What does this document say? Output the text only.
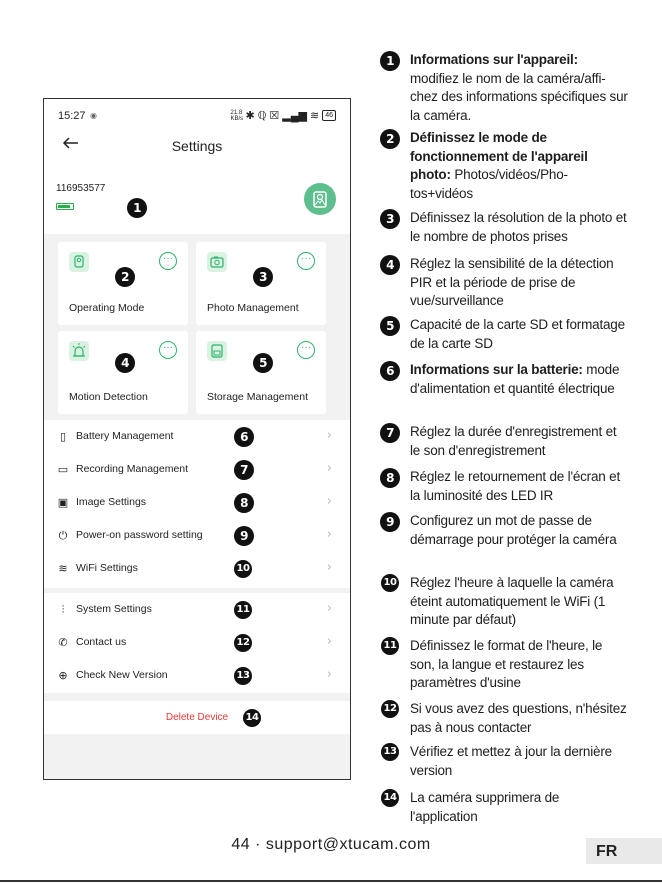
15:27 ◉	21.8 KB/s ✱ ℚ ☒ ▂▄▆ ≋ 46
Settings
116953577
1
···
2
Operating Mode
···
3
Photo Management
···
4
Motion Detection
···
5
Storage Management
▯ Battery Management	6	›
▭ Recording Management	7	›
▣ Image Settings	8	›
⏻ Power-on password setting	9	›
≋ WiFi Settings	10	›
⫶	System Settings	11	›
✆ Contact us	12	›
⊕ Check New Version	13	›
Delete Device	14
1	Informations sur l'appareil: modifiez le nom de la caméra/affi-chez des informations spécifiques sur la caméra.
2	Définissez le mode de fonctionnement de l'appareil photo: Photos/vidéos/Pho-tos+vidéos
3	Définissez la résolution de la photo et le nombre de photos prises
4	Réglez la sensibilité de la détection PIR et la période de prise de vue/surveillance
5	Capacité de la carte SD et formatage de la carte SD
6	Informations sur la batterie: mode d'alimentation et quantité électrique
7	Réglez la durée d'enregistrement et le son d'enregistrement
8	Réglez le retournement de l'écran et la luminosité des LED IR
9	Configurez un mot de passe de démarrage pour protéger la caméra
10 Réglez l'heure à laquelle la caméra éteint automatiquement le WiFi (1 minute par défaut)
11 Définissez le format de l'heure, le son, la langue et restaurez les paramètres d'usine
12 Si vous avez des questions, n'hésitez pas à nous contacter
13 Vérifiez et mettez à jour la dernière version
14 La caméra supprimera de l'application
44 · support@xtucam.com	FR
